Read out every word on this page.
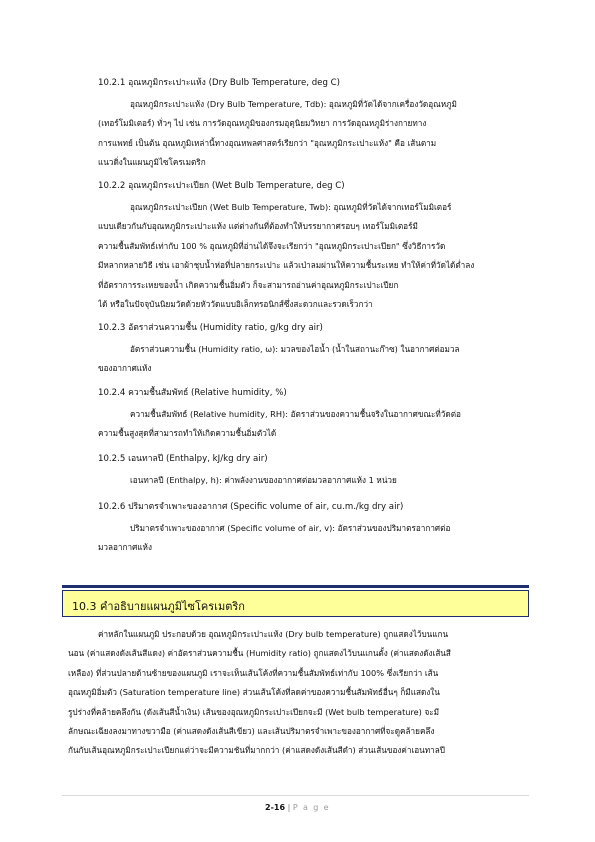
10.2.1 อุณหภูมิกระเปาะแห้ง (Dry Bulb Temperature, deg C)
อุณหภูมิกระเปาะแห้ง (Dry Bulb Temperature, Tdb): อุณหภูมิที่วัดได้จากเครื่องวัดอุณหภูมิ
(เทอร์โมมิเตอร์) ทั่วๆ ไป เช่น การวัดอุณหภูมิของกรมอุตุนิยมวิทยา การวัดอุณหภูมิร่างกายทาง
การแพทย์ เป็นต้น อุณหภูมิเหล่านี้ทางอุณหพลศาสตร์เรียกว่า "อุณหภูมิกระเปาะแห้ง" คือ เส้นตาม
แนวดิ่งในแผนภูมิไซโครเมตริก
10.2.2 อุณหภูมิกระเปาะเปียก (Wet Bulb Temperature, deg C)
อุณหภูมิกระเปาะเปียก (Wet Bulb Temperature, Twb): อุณหภูมิที่วัดได้จากเทอร์โมมิเตอร์
แบบเดียวกันกับอุณหภูมิกระเปาะแห้ง แต่ต่างกันที่ต้องทำให้บรรยากาศรอบๆ เทอร์โมมิเตอร์มี
ความชื้นสัมพัทธ์เท่ากับ 100 % อุณหภูมิที่อ่านได้จึงจะเรียกว่า "อุณหภูมิกระเปาะเปียก" ซึ่งวิธีการวัด
มีหลากหลายวิธี เช่น เอาผ้าชุบน้ำห่อที่ปลายกระเปาะ แล้วเป่าลมผ่านให้ความชื้นระเหย ทำให้ค่าที่วัดได้ต่ำลง
ที่อัตราการระเหยของน้ำ เกิดความชื้นอิ่มตัว ก็จะสามารถอ่านค่าอุณหภูมิกระเปาะเปียก
ได้ หรือในปัจจุบันนิยมวัดด้วยหัววัดแบบอิเล็กทรอนิกส์ซึ่งสะดวกและรวดเร็วกว่า
10.2.3 อัตราส่วนความชื้น (Humidity ratio, g/kg dry air)
อัตราส่วนความชื้น (Humidity ratio, ω): มวลของไอน้ำ (น้ำในสถานะก๊าซ) ในอากาศต่อมวล
ของอากาศแห้ง
10.2.4 ความชื้นสัมพัทธ์ (Relative humidity, %)
ความชื้นสัมพัทธ์ (Relative humidity, RH): อัตราส่วนของความชื้นจริงในอากาศขณะที่วัดต่อ
ความชื้นสูงสุดที่สามารถทำให้เกิดความชื้นอิ่มตัวได้
10.2.5 เอนทาลปี (Enthalpy, kJ/kg dry air)
เอนทาลปี (Enthalpy, h): ค่าพลังงานของอากาศต่อมวลอากาศแห้ง 1 หน่วย
10.2.6 ปริมาตรจำเพาะของอากาศ (Specific volume of air, cu.m./kg dry air)
ปริมาตรจำเพาะของอากาศ (Specific volume of air, v): อัตราส่วนของปริมาตรอากาศต่อ
มวลอากาศแห้ง
10.3 คำอธิบายแผนภูมิไซโครเมตริก
ค่าหลักในแผนภูมิ ประกอบด้วย อุณหภูมิกระเปาะแห้ง (Dry bulb temperature) ถูกแสดงไว้บนแกน
นอน (ค่าแสดงดังเส้นสีแดง) ค่าอัตราส่วนความชื้น (Humidity ratio) ถูกแสดงไว้บนแกนตั้ง (ค่าแสดงดังเส้นสี
เหลือง) ที่ส่วนปลายด้านซ้ายของแผนภูมิ เราจะเห็นเส้นโค้งที่ความชื้นสัมพัทธ์เท่ากับ 100% ซึ่งเรียกว่า เส้น
อุณหภูมิอิ่มตัว (Saturation temperature line) ส่วนเส้นโค้งที่ลดค่าของความชื้นสัมพัทธ์อื่นๆ ก็มีแสดงใน
รูปร่างที่คล้ายคลึงกัน (ดังเส้นสีน้ำเงิน) เส้นของอุณหภูมิกระเปาะเปียกจะมี (Wet bulb temperature) จะมี
ลักษณะเฉียงลงมาทางขวามือ (ค่าแสดงดังเส้นสีเขียว) และเส้นปริมาตรจำเพาะของอากาศที่จะดูคล้ายคลึง
กันกับเส้นอุณหภูมิกระเปาะเปียกแต่ว่าจะมีความชันที่มากกว่า (ค่าแสดงดังเส้นสีดำ) ส่วนเส้นของค่าเอนทาลปี
2-16 | P a g e
